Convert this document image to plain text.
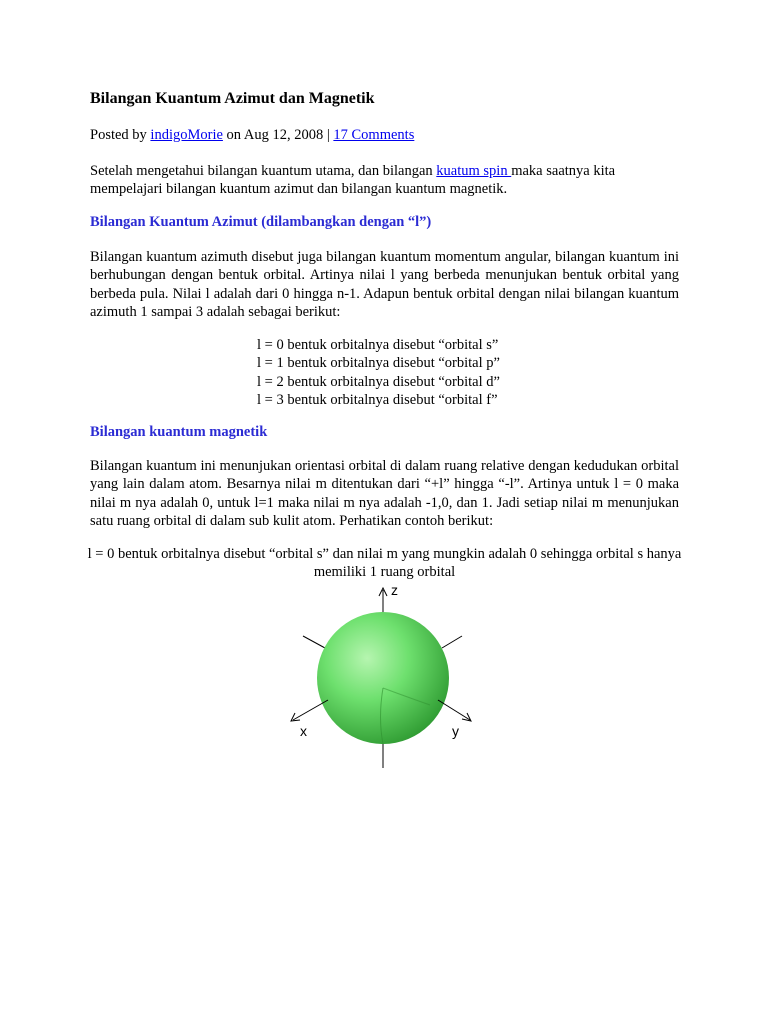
Bilangan Kuantum Azimut dan Magnetik
Posted by indigoMorie on Aug 12, 2008 | 17 Comments

Setelah mengetahui bilangan kuantum utama, dan bilangan kuatum spin maka saatnya kita mempelajari bilangan kuantum azimut dan bilangan kuantum magnetik.

Bilangan Kuantum Azimut (dilambangkan dengan “l”)

Bilangan kuantum azimuth disebut juga bilangan kuantum momentum angular, bilangan kuantum ini berhubungan dengan bentuk orbital. Artinya nilai l yang berbeda menunjukan bentuk orbital yang berbeda pula. Nilai l adalah dari 0 hingga n-1. Adapun bentuk orbital dengan nilai bilangan kuantum azimuth 1 sampai 3 adalah sebagai berikut:

l = 0 bentuk orbitalnya disebut “orbital s”
l = 1 bentuk orbitalnya disebut “orbital p”
l = 2 bentuk orbitalnya disebut “orbital d”
l = 3 bentuk orbitalnya disebut “orbital f”
Bilangan kuantum magnetik

Bilangan kuantum ini menunjukan orientasi orbital di dalam ruang relative dengan kedudukan orbital yang lain dalam atom. Besarnya nilai m ditentukan dari “+l” hingga “-l”. Artinya untuk l = 0 maka nilai m nya adalah 0, untuk l=1 maka nilai m nya adalah -1,0, dan 1. Jadi setiap nilai m menunjukan satu ruang orbital di dalam sub kulit atom. Perhatikan contoh berikut:

l = 0 bentuk orbitalnya disebut “orbital s” dan nilai m yang mungkin adalah 0 sehingga orbital s hanya memiliki 1 ruang orbital

z
x	y
